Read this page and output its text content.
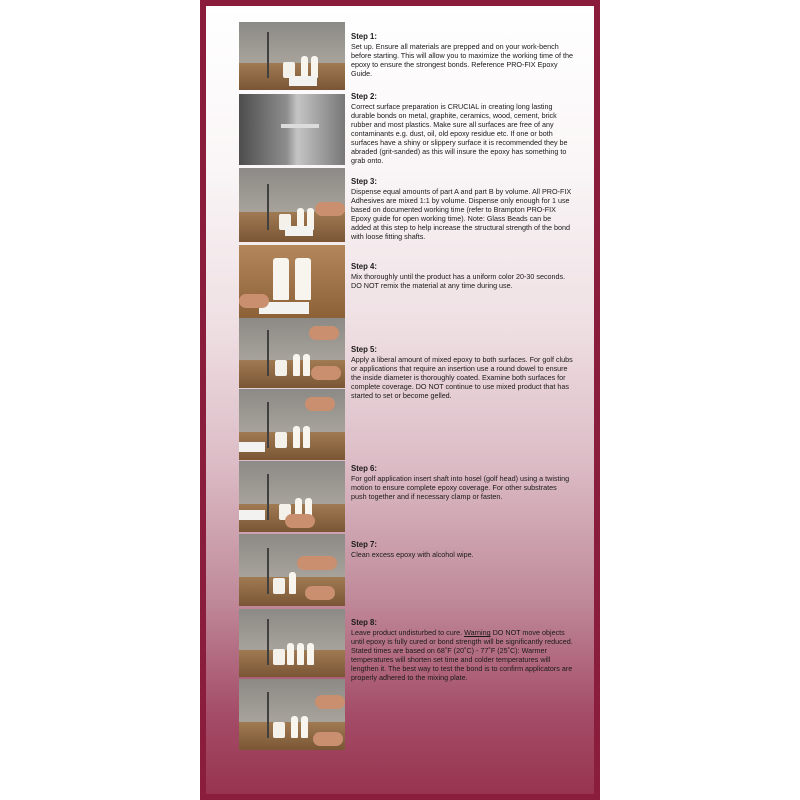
Step 1:
Set up. Ensure all materials are prepped and on your work-bench before starting. This will allow you to maximize the working time of the epoxy to ensure the strongest bonds. Reference PRO-FIX Epoxy Guide.
Step 2:
Correct surface preparation is CRUCIAL in creating long lasting durable bonds on metal, graphite, ceramics, wood, cement, brick rubber and most plastics. Make sure all surfaces are free of any contaminants e.g. dust, oil, old epoxy residue etc. If one or both surfaces have a shiny or slippery surface it is recommended they be abraded (grit-sanded) as this will insure the epoxy has something to grab onto.
Step 3:
Dispense equal amounts of part A and part B by volume. All PRO-FIX Adhesives are mixed 1:1 by volume. Dispense only enough for 1 use based on documented working time (refer to Brampton PRO-FIX Epoxy guide for open working time). Note: Glass Beads can be added at this step to help increase the structural strength of the bond with loose fitting shafts.
Step 4:
Mix thoroughly until the product has a uniform color 20-30 seconds. DO NOT remix the material at any time during use.
Step 5:
Apply a liberal amount of mixed epoxy to both surfaces. For golf clubs or applications that require an insertion use a round dowel to ensure the inside diameter is thoroughly coated. Examine both surfaces for complete coverage. DO NOT continue to use mixed product that has started to set or become gelled.
Step 6:
For golf application insert shaft into hosel (golf head) using a twisting motion to ensure complete epoxy coverage. For other substrates push together and if necessary clamp or fasten.
Step 7:
Clean excess epoxy with alcohol wipe.
Step 8:
Leave product undisturbed to cure. Warning DO NOT move objects until epoxy is fully cured or bond strength will be significantly reduced. Stated times are based on 68˚F (20˚C) - 77˚F (25˚C): Warmer temperatures will shorten set time and colder temperatures will lengthen it. The best way to test the bond is to confirm applicators are properly adhered to the mixing plate.
